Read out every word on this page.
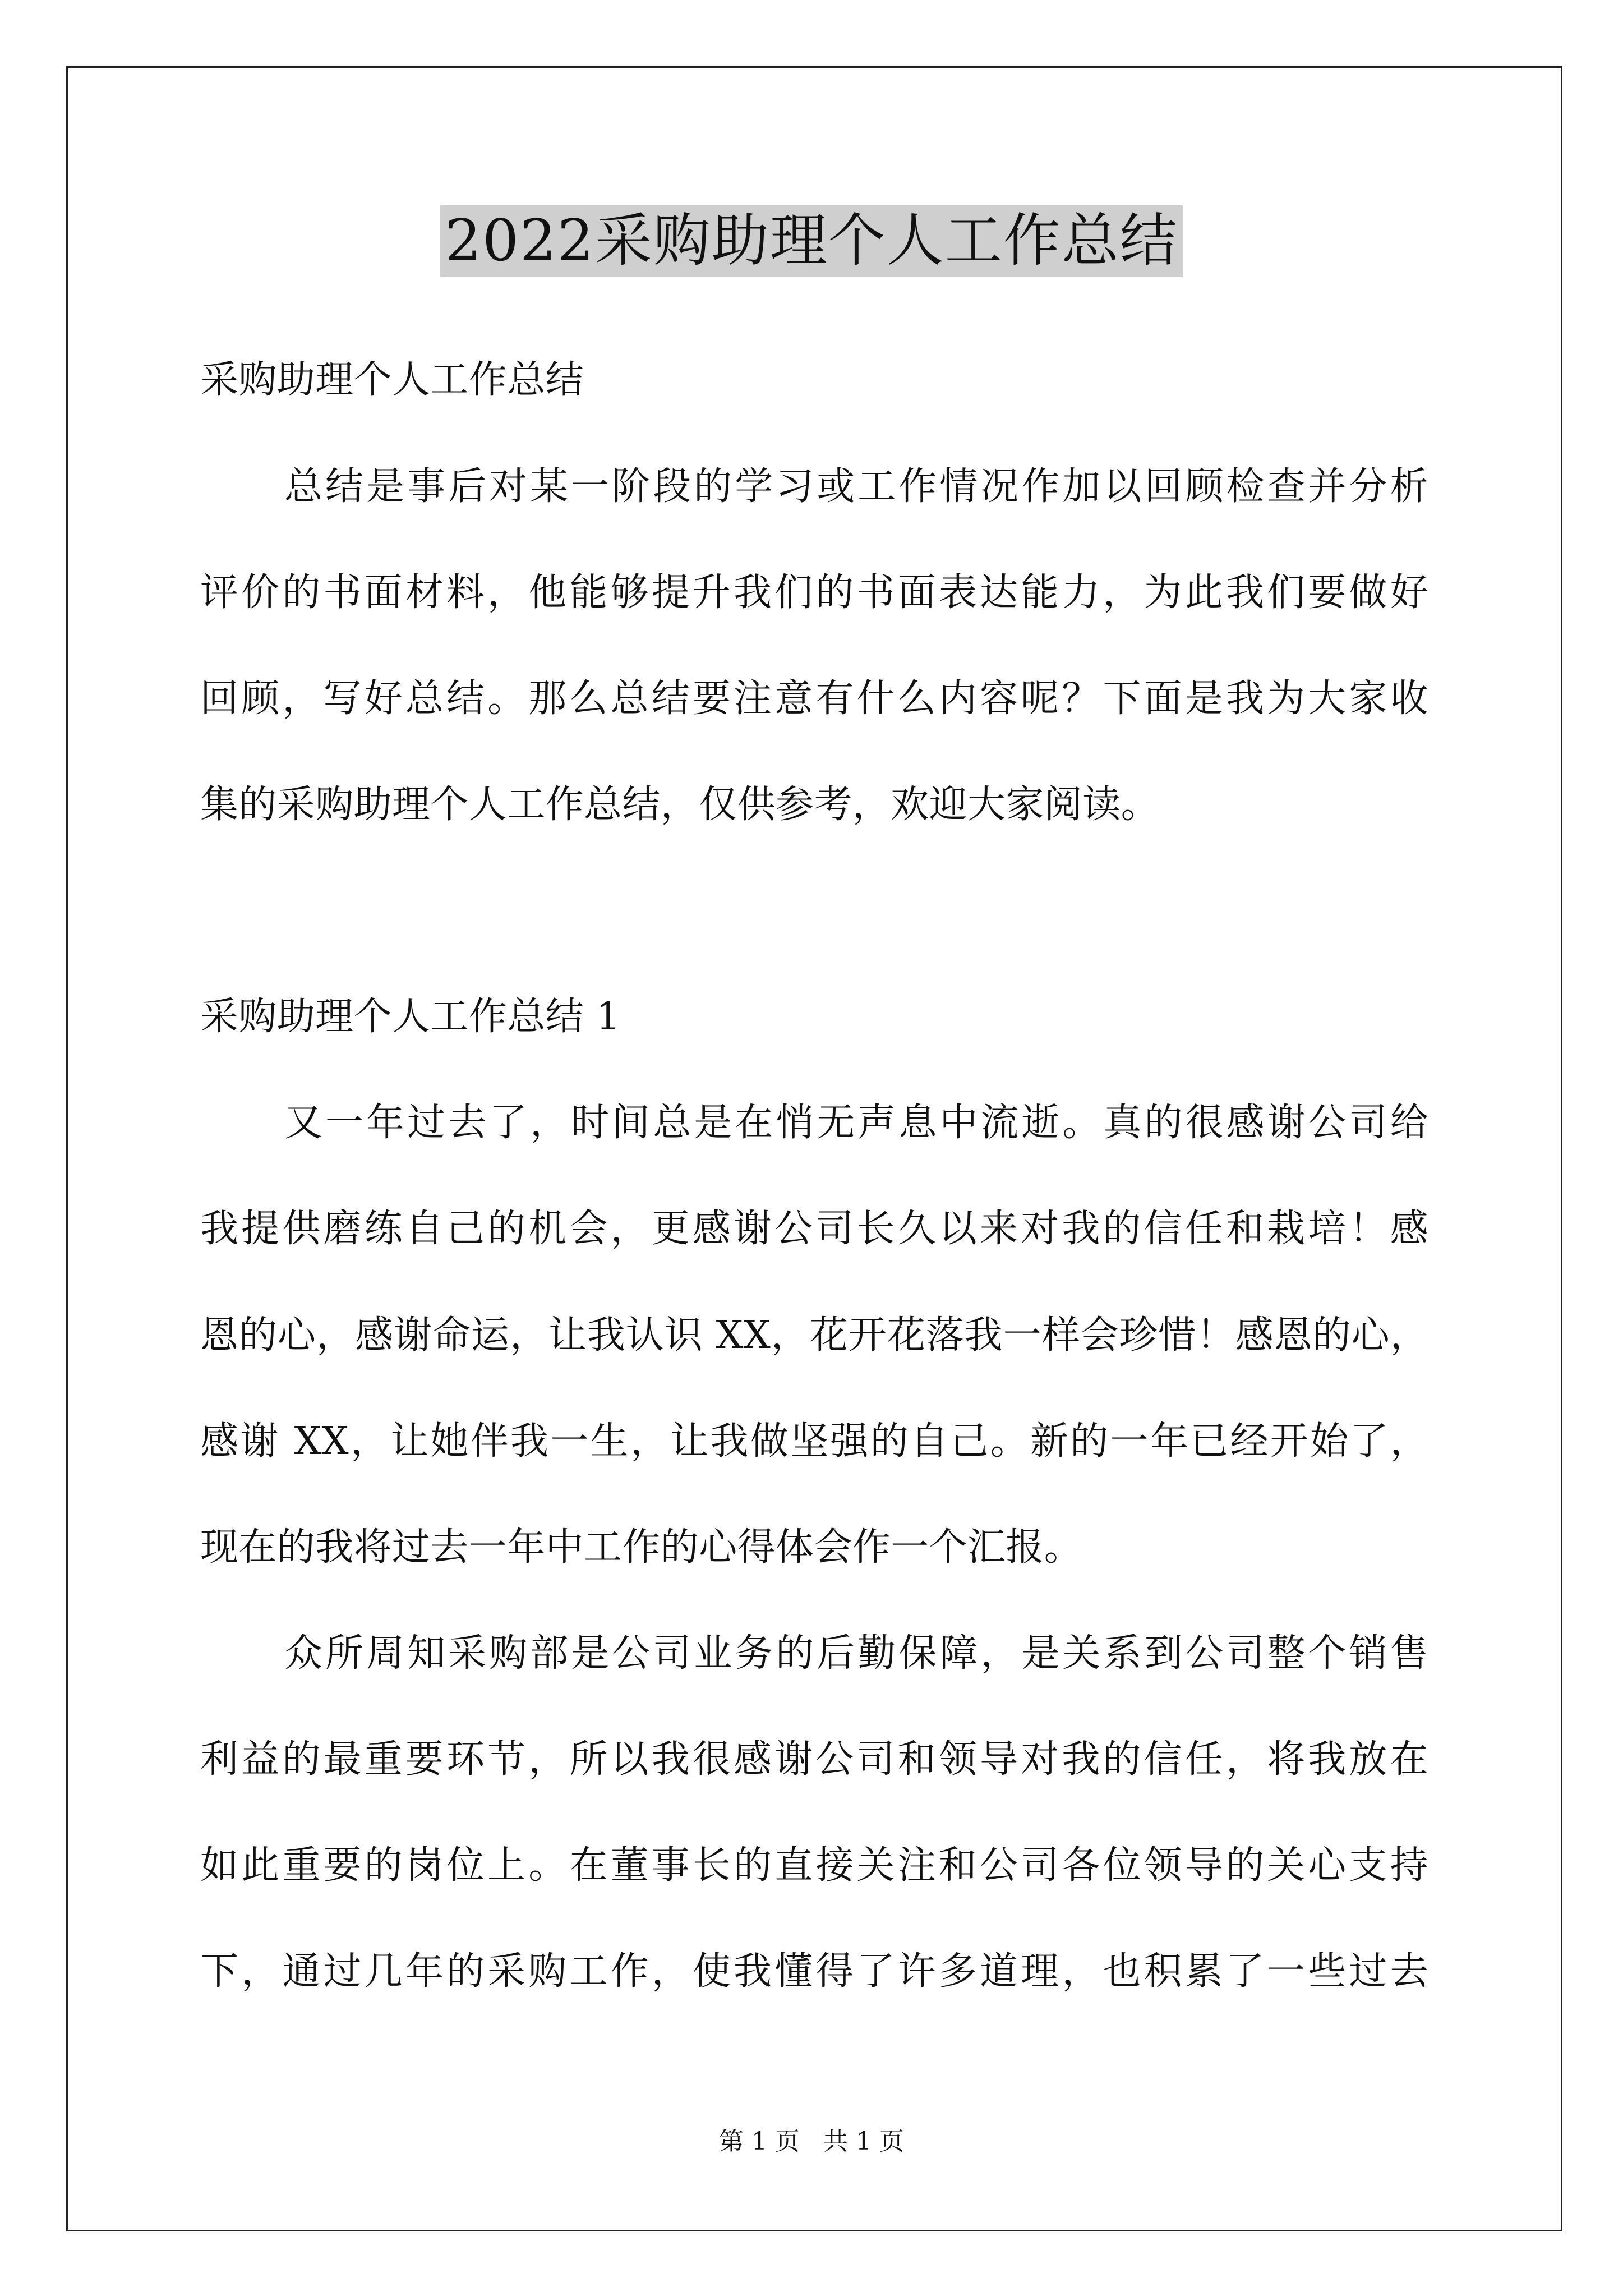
2022采购助理个人工作总结
采购助理个人工作总结
总结是事后对某一阶段的学习或工作情况作加以回顾检查并分析
评价的书面材料，他能够提升我们的书面表达能力，为此我们要做好
回顾，写好总结。那么总结要注意有什么内容呢？下面是我为大家收
集的采购助理个人工作总结，仅供参考，欢迎大家阅读。
采购助理个人工作总结 1
又一年过去了，时间总是在悄无声息中流逝。真的很感谢公司给
我提供磨练自己的机会，更感谢公司长久以来对我的信任和栽培！感
恩的心，感谢命运，让我认识 XX，花开花落我一样会珍惜！感恩的心，
感谢 XX，让她伴我一生，让我做坚强的自己。新的一年已经开始了，
现在的我将过去一年中工作的心得体会作一个汇报。
众所周知采购部是公司业务的后勤保障，是关系到公司整个销售
利益的最重要环节，所以我很感谢公司和领导对我的信任，将我放在
如此重要的岗位上。在董事长的直接关注和公司各位领导的关心支持
下，通过几年的采购工作，使我懂得了许多道理，也积累了一些过去
第 1 页 共 1 页
